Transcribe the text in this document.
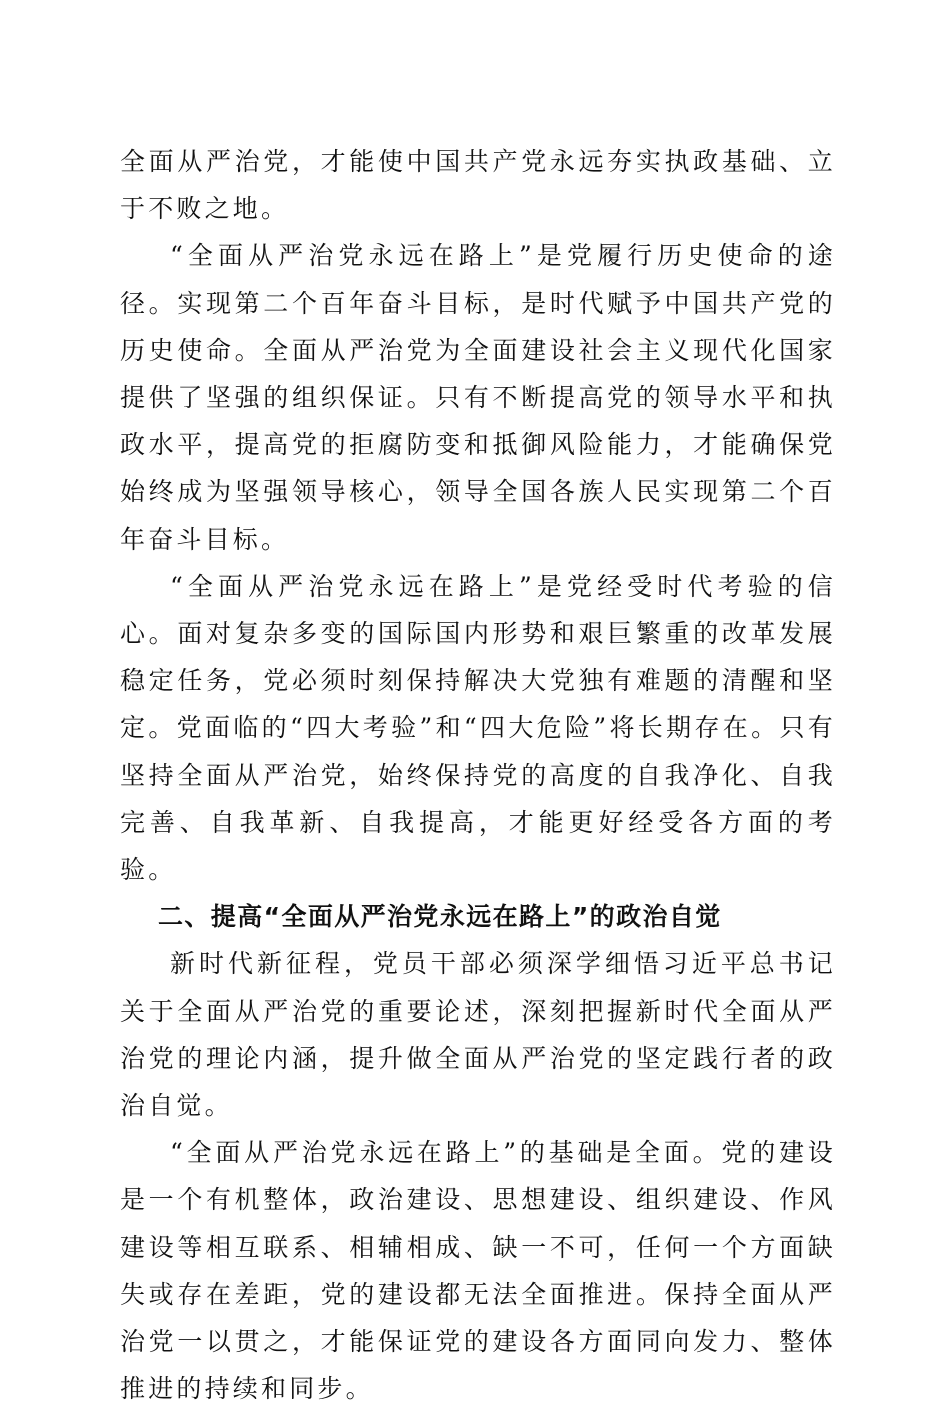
全面从严治党，才能使中国共产党永远夯实执政基础、立于不败之地。

“全面从严治党永远在路上”是党履行历史使命的途径。实现第二个百年奋斗目标，是时代赋予中国共产党的历史使命。全面从严治党为全面建设社会主义现代化国家提供了坚强的组织保证。只有不断提高党的领导水平和执政水平，提高党的拒腐防变和抵御风险能力，才能确保党始终成为坚强领导核心，领导全国各族人民实现第二个百年奋斗目标。

“全面从严治党永远在路上”是党经受时代考验的信心。面对复杂多变的国际国内形势和艰巨繁重的改革发展稳定任务，党必须时刻保持解决大党独有难题的清醒和坚定。党面临的“四大考验”和“四大危险”将长期存在。只有坚持全面从严治党，始终保持党的高度的自我净化、自我完善、自我革新、自我提高，才能更好经受各方面的考验。

二、提高“全面从严治党永远在路上”的政治自觉

新时代新征程，党员干部必须深学细悟习近平总书记关于全面从严治党的重要论述，深刻把握新时代全面从严治党的理论内涵，提升做全面从严治党的坚定践行者的政治自觉。

“全面从严治党永远在路上”的基础是全面。党的建设是一个有机整体，政治建设、思想建设、组织建设、作风建设等相互联系、相辅相成、缺一不可，任何一个方面缺失或存在差距，党的建设都无法全面推进。保持全面从严治党一以贯之，才能保证党的建设各方面同向发力、整体推进的持续和同步。
